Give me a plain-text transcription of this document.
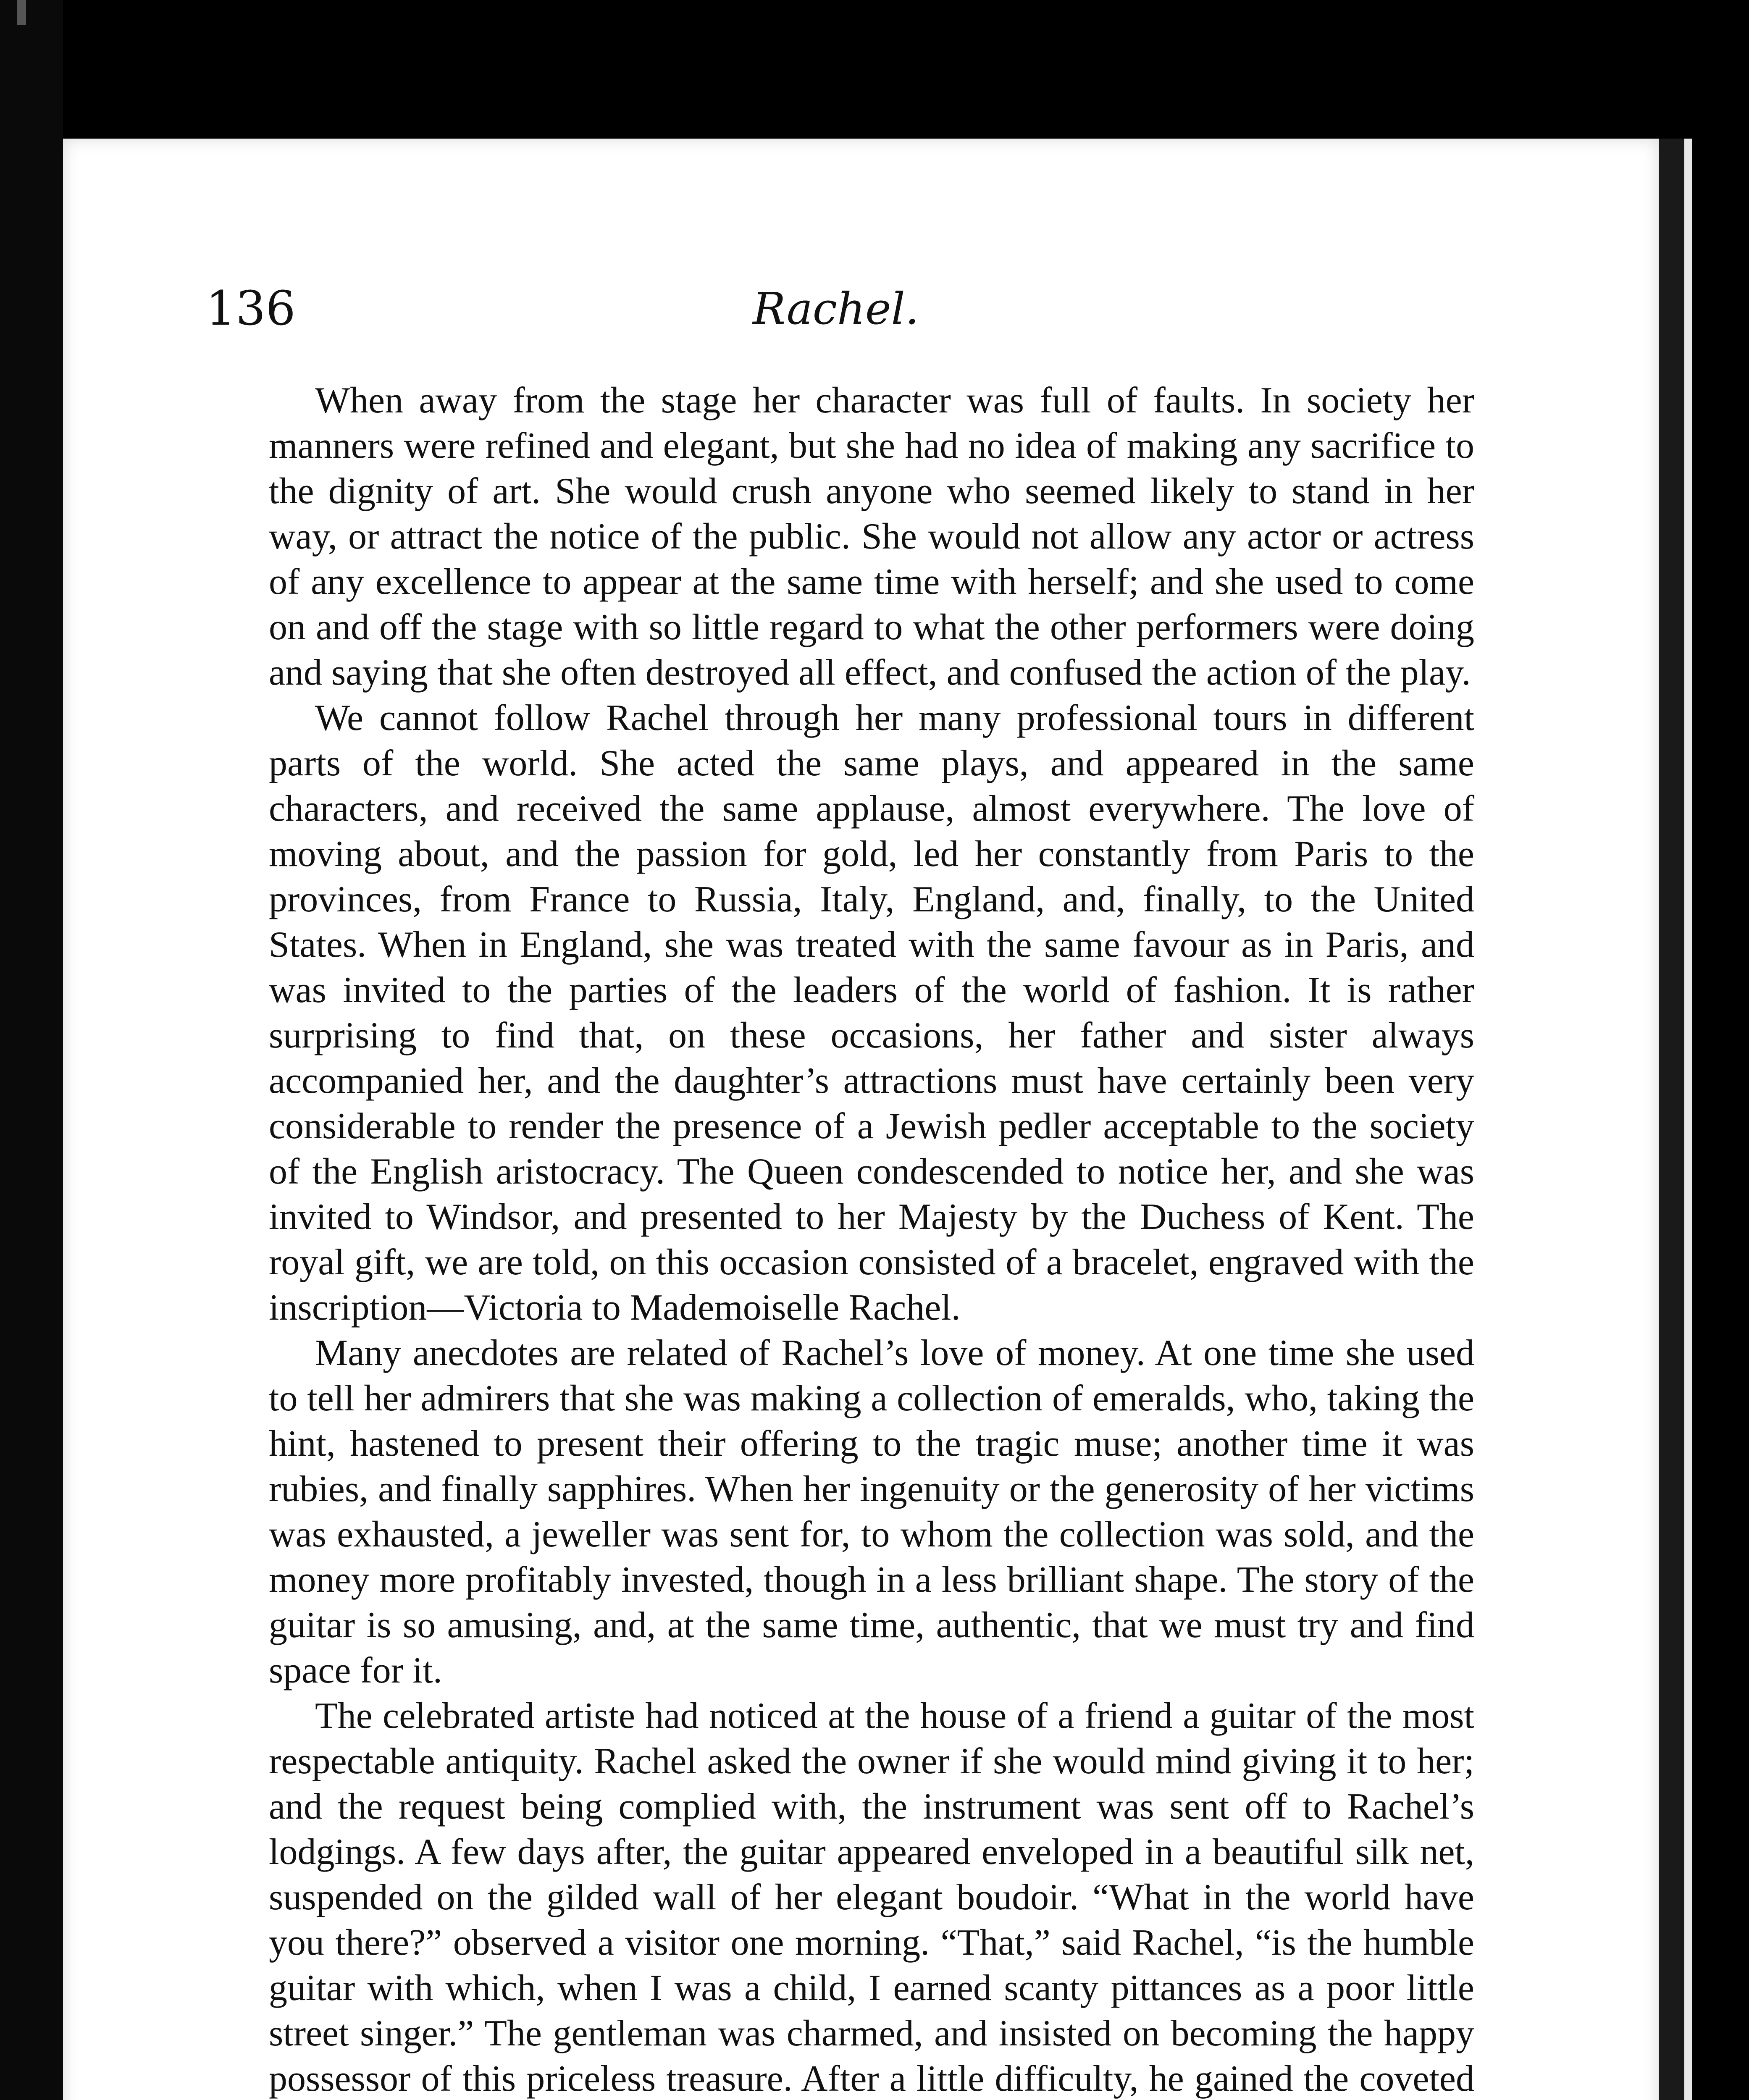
136	Rachel.

When away from the stage her character was full of faults. In society her manners were refined and elegant, but she had no idea of making any sacrifice to the dignity of art. She would crush anyone who seemed likely to stand in her way, or attract the notice of the public. She would not allow any actor or actress of any excellence to appear at the same time with herself; and she used to come on and off the stage with so little regard to what the other performers were doing and saying that she often destroyed all effect, and confused the action of the play.

We cannot follow Rachel through her many professional tours in different parts of the world. She acted the same plays, and appeared in the same characters, and received the same applause, almost everywhere. The love of moving about, and the passion for gold, led her constantly from Paris to the provinces, from France to Russia, Italy, England, and, finally, to the United States. When in England, she was treated with the same favour as in Paris, and was invited to the parties of the leaders of the world of fashion. It is rather surprising to find that, on these occasions, her father and sister always accompanied her, and the daughter’s attractions must have certainly been very considerable to render the presence of a Jewish pedler acceptable to the society of the English aristocracy. The Queen condescended to notice her, and she was invited to Windsor, and presented to her Majesty by the Duchess of Kent. The royal gift, we are told, on this occasion consisted of a bracelet, engraved with the inscription—Victoria to Mademoiselle Rachel.

Many anecdotes are related of Rachel’s love of money. At one time she used to tell her admirers that she was making a collection of emeralds, who, taking the hint, hastened to present their offering to the tragic muse; another time it was rubies, and finally sapphires. When her ingenuity or the generosity of her victims was exhausted, a jeweller was sent for, to whom the collection was sold, and the money more profitably invested, though in a less brilliant shape. The story of the guitar is so amusing, and, at the same time, authentic, that we must try and find space for it.

The celebrated artiste had noticed at the house of a friend a guitar of the most respectable antiquity. Rachel asked the owner if she would mind giving it to her; and the request being complied with, the instrument was sent off to Rachel’s lodgings. A few days after, the guitar appeared enveloped in a beautiful silk net, suspended on the gilded wall of her elegant boudoir. “What in the world have you there?” observed a visitor one morning. “That,” said Rachel, “is the humble guitar with which, when I was a child, I earned scanty pittances as a poor little street singer.” The gentleman was charmed, and insisted on becoming the happy possessor of this priceless treasure. After a little difficulty, he gained the coveted
